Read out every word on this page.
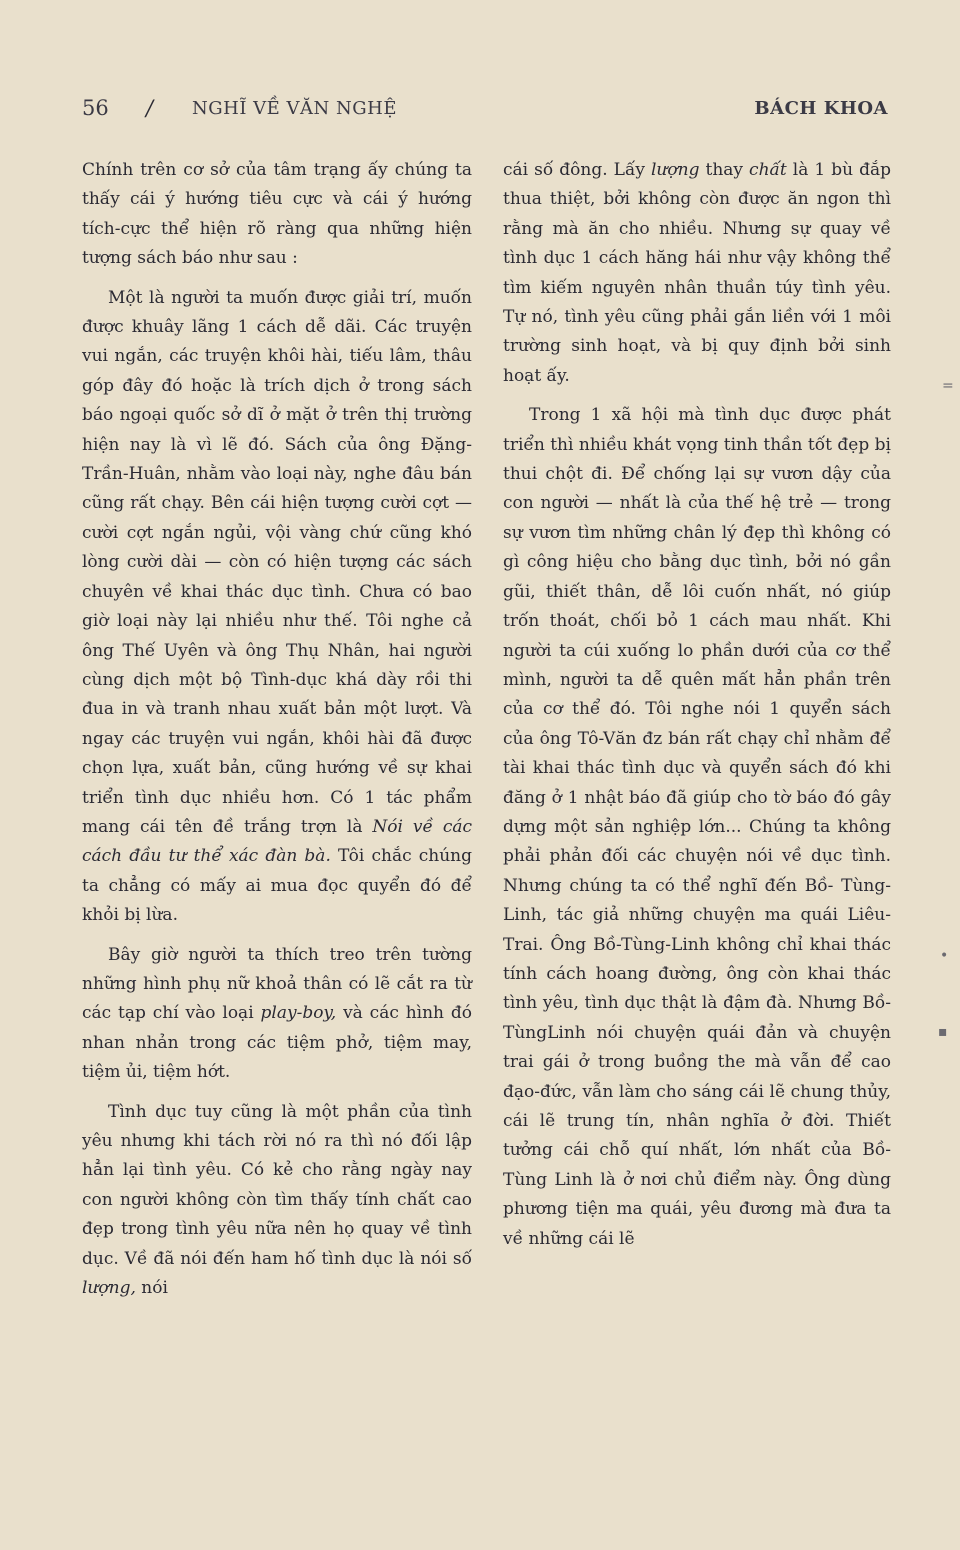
56 / NGHĨ VỀ VĂN NGHỆ	BÁCH KHOA

Chính trên cơ sở của tâm trạng ấy chúng ta thấy cái ý hướng tiêu cực và cái ý hướng tích-cực thể hiện rõ ràng qua những hiện tượng sách báo như sau :

Một là người ta muốn được giải trí, muốn được khuây lãng 1 cách dễ dãi. Các truyện vui ngắn, các truyện khôi hài, tiếu lâm, thâu góp đây đó hoặc là trích dịch ở trong sách báo ngoại quốc sở dĩ ở mặt ở trên thị trường hiện nay là vì lẽ đó. Sách của ông Đặng-Trần-Huân, nhằm vào loại này, nghe đâu bán cũng rất chạy. Bên cái hiện tượng cười cợt — cười cợt ngắn ngủi, vội vàng chứ cũng khó lòng cười dài — còn có hiện tượng các sách chuyên về khai thác dục tình. Chưa có bao giờ loại này lại nhiều như thế. Tôi nghe cả ông Thế Uyên và ông Thụ Nhân, hai người cùng dịch một bộ Tình-dục khá dày rồi thi đua in và tranh nhau xuất bản một lượt. Và ngay các truyện vui ngắn, khôi hài đã được chọn lựa, xuất bản, cũng hướng về sự khai triển tình dục nhiều hơn. Có 1 tác phẩm mang cái tên đề trắng trợn là Nói về các cách đầu tư thể xác đàn bà. Tôi chắc chúng ta chẳng có mấy ai mua đọc quyển đó để khỏi bị lừa.

Bây giờ người ta thích treo trên tường những hình phụ nữ khoả thân có lẽ cắt ra từ các tạp chí vào loại play-boy, và các hình đó nhan nhản trong các tiệm phở, tiệm may, tiệm ủi, tiệm hớt.

Tình dục tuy cũng là một phần của tình yêu nhưng khi tách rời nó ra thì nó đối lập hẳn lại tình yêu. Có kẻ cho rằng ngày nay con người không còn tìm thấy tính chất cao đẹp trong tình yêu nữa nên họ quay về tình dục. Về đã nói đến ham hố tình dục là nói số lượng, nói

cái số đông. Lấy lượng thay chất là 1 bù đắp thua thiệt, bởi không còn được ăn ngon thì rằng mà ăn cho nhiều. Nhưng sự quay về tình dục 1 cách hăng hái như vậy không thể tìm kiếm nguyên nhân thuần túy tình yêu. Tự nó, tình yêu cũng phải gắn liền với 1 môi trường sinh hoạt, và bị quy định bởi sinh hoạt ấy.

Trong 1 xã hội mà tình dục được phát triển thì nhiều khát vọng tinh thần tốt đẹp bị thui chột đi. Để chống lại sự vươn dậy của con người — nhất là của thế hệ trẻ — trong sự vươn tìm những chân lý đẹp thì không có gì công hiệu cho bằng dục tình, bởi nó gần gũi, thiết thân, dễ lôi cuốn nhất, nó giúp trốn thoát, chối bỏ 1 cách mau nhất. Khi người ta cúi xuống lo phần dưới của cơ thể mình, người ta dễ quên mất hẳn phần trên của cơ thể đó. Tôi nghe nói 1 quyển sách của ông Tô-Văn đz bán rất chạy chỉ nhằm để tài khai thác tình dục và quyển sách đó khi đăng ở 1 nhật báo đã giúp cho tờ báo đó gây dựng một sản nghiệp lớn... Chúng ta không phải phản đối các chuyện nói về dục tình. Nhưng chúng ta có thể nghĩ đến Bồ- Tùng-Linh, tác giả những chuyện ma quái Liêu-Trai. Ông Bồ-Tùng-Linh không chỉ khai thác tính cách hoang đường, ông còn khai thác tình yêu, tình dục thật là đậm đà. Nhưng Bồ-TùngLinh nói chuyện quái đản và chuyện trai gái ở trong buồng the mà vẫn để cao đạo-đức, vẫn làm cho sáng cái lẽ chung thủy, cái lẽ trung tín, nhân nghĩa ở đời. Thiết tưởng cái chỗ quí nhất, lớn nhất của Bồ-Tùng Linh là ở nơi chủ điểm này. Ông dùng phương tiện ma quái, yêu đương mà đưa ta về những cái lẽ

=
•
▪
